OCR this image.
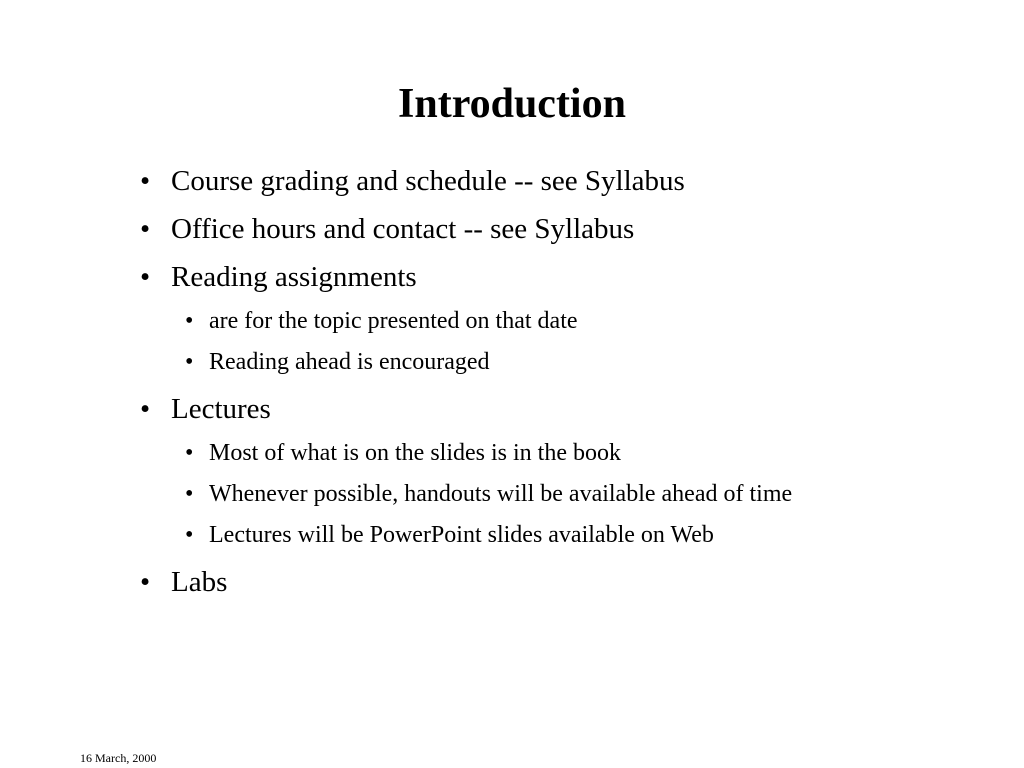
Introduction
• Course grading and schedule -- see Syllabus
• Office hours and contact -- see Syllabus
• Reading assignments
• are for the topic presented on that date
• Reading ahead is encouraged
• Lectures
• Most of what is on the slides is in the book
• Whenever possible, handouts will be available ahead of time
• Lectures will be PowerPoint slides available on Web
• Labs
16 March, 2000
